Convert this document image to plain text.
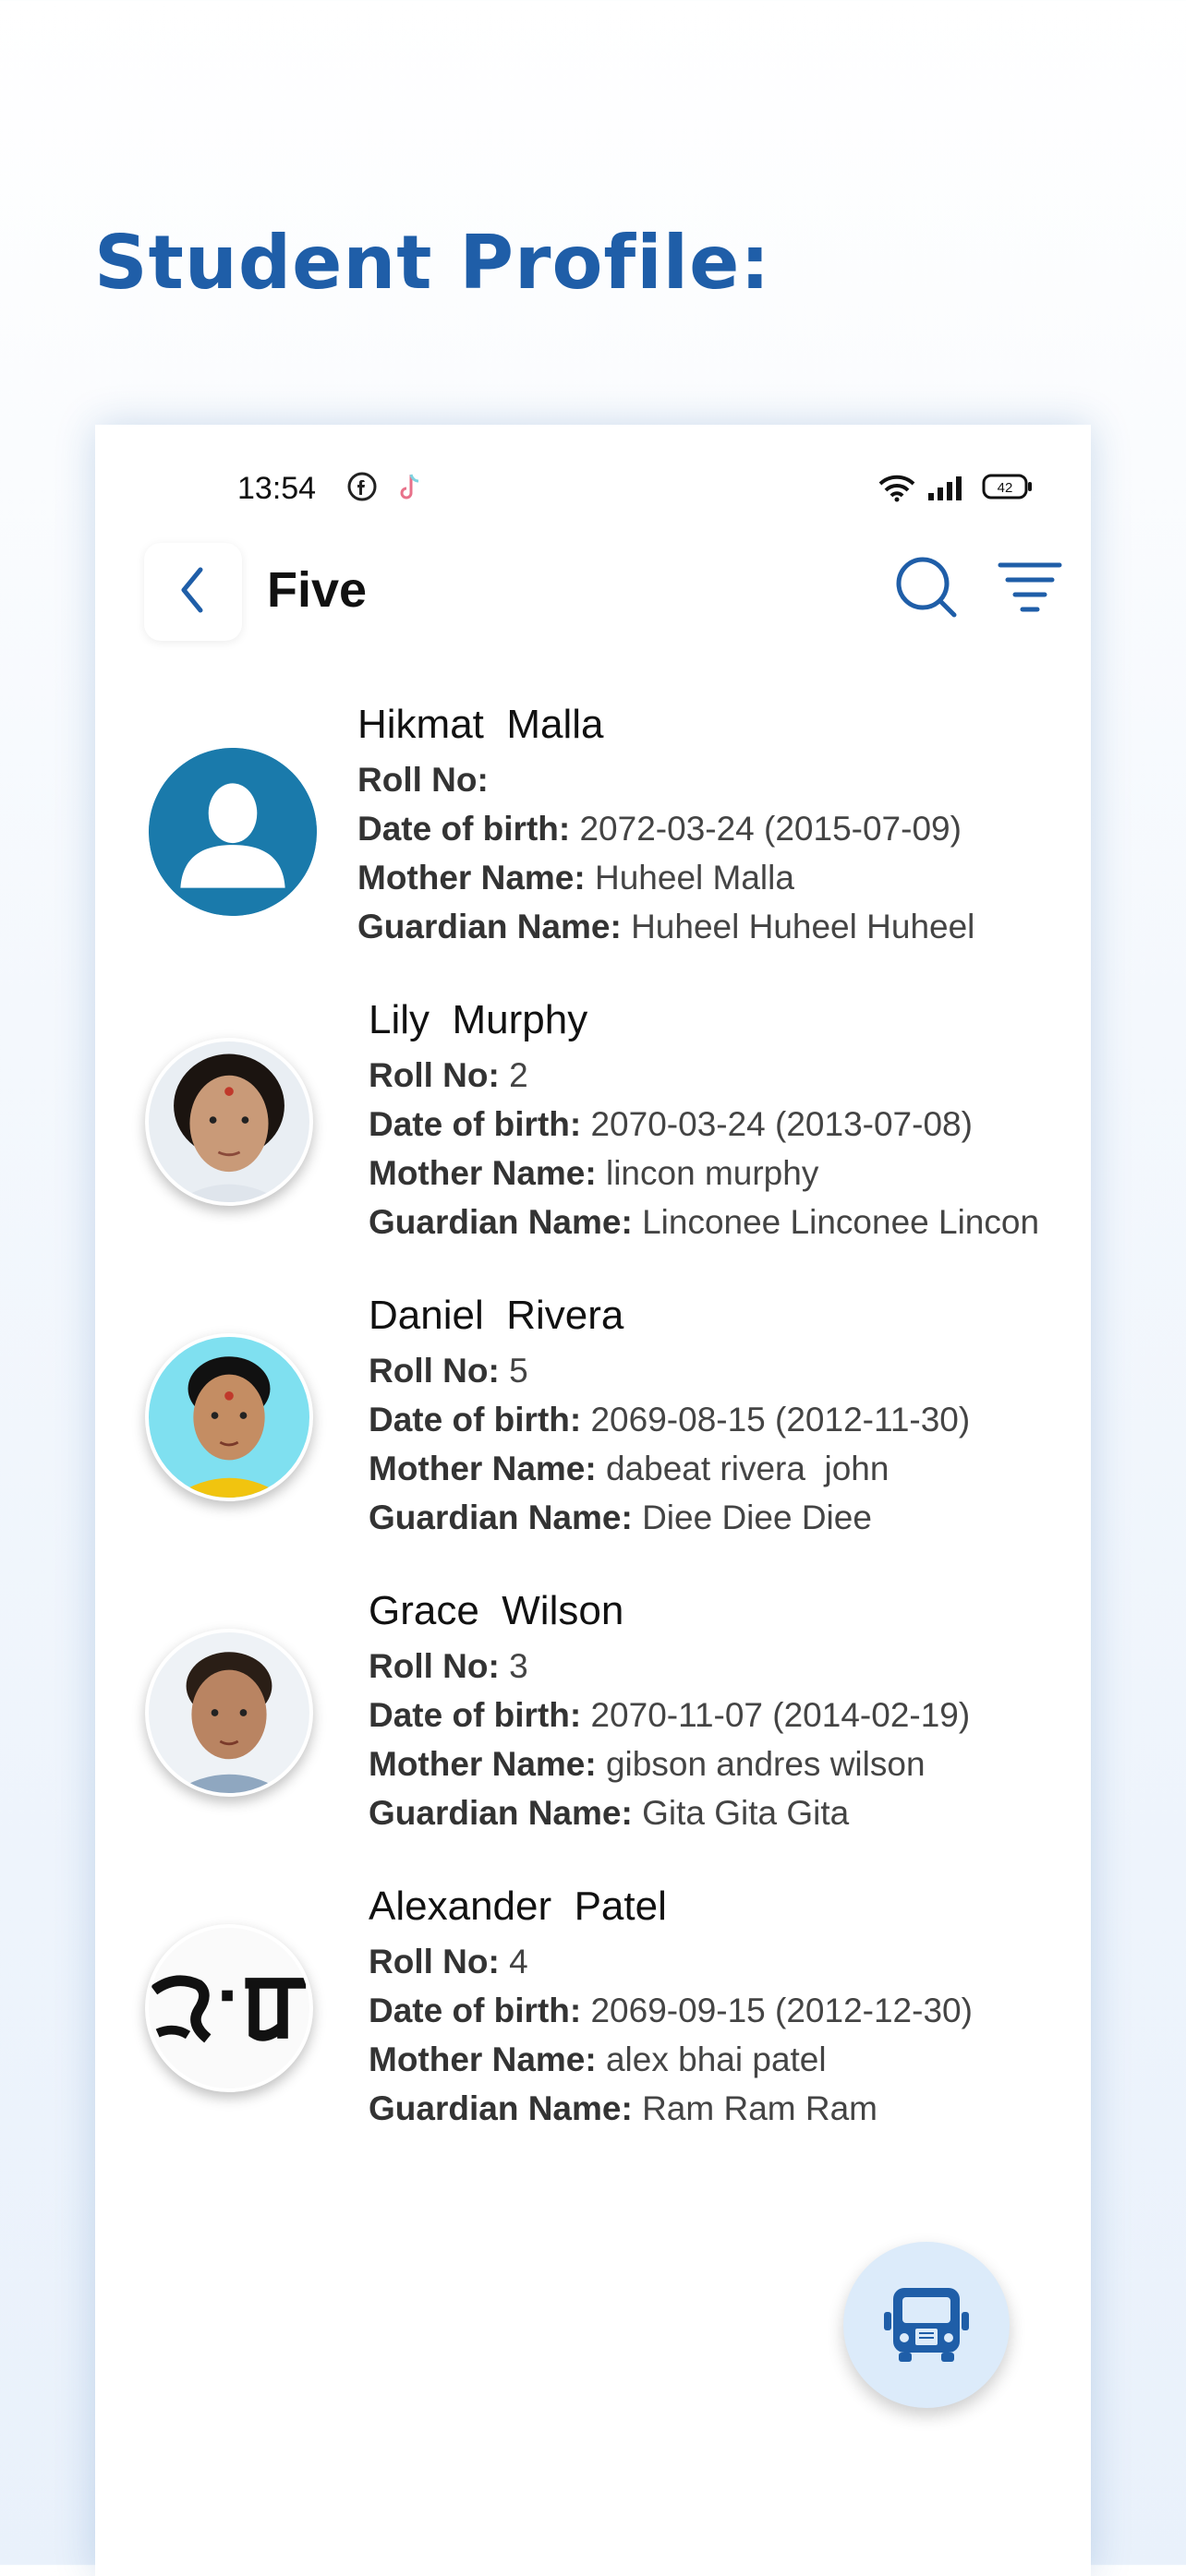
Student Profile:
13:54	42
Five
Hikmat  Malla
Roll No:
Date of birth: 2072-03-24 (2015-07-09)
Mother Name: Huheel Malla
Guardian Name: Huheel Huheel Huheel
Lily  Murphy
Roll No: 2
Date of birth: 2070-03-24 (2013-07-08)
Mother Name: lincon murphy
Guardian Name: Linconee Linconee Lincon
Daniel  Rivera
Roll No: 5
Date of birth: 2069-08-15 (2012-11-30)
Mother Name: dabeat rivera  john
Guardian Name: Diee Diee Diee
Grace  Wilson
Roll No: 3
Date of birth: 2070-11-07 (2014-02-19)
Mother Name: gibson andres wilson
Guardian Name: Gita Gita Gita
Alexander  Patel
Roll No: 4
Date of birth: 2069-09-15 (2012-12-30)
Mother Name: alex bhai patel
Guardian Name: Ram Ram Ram
